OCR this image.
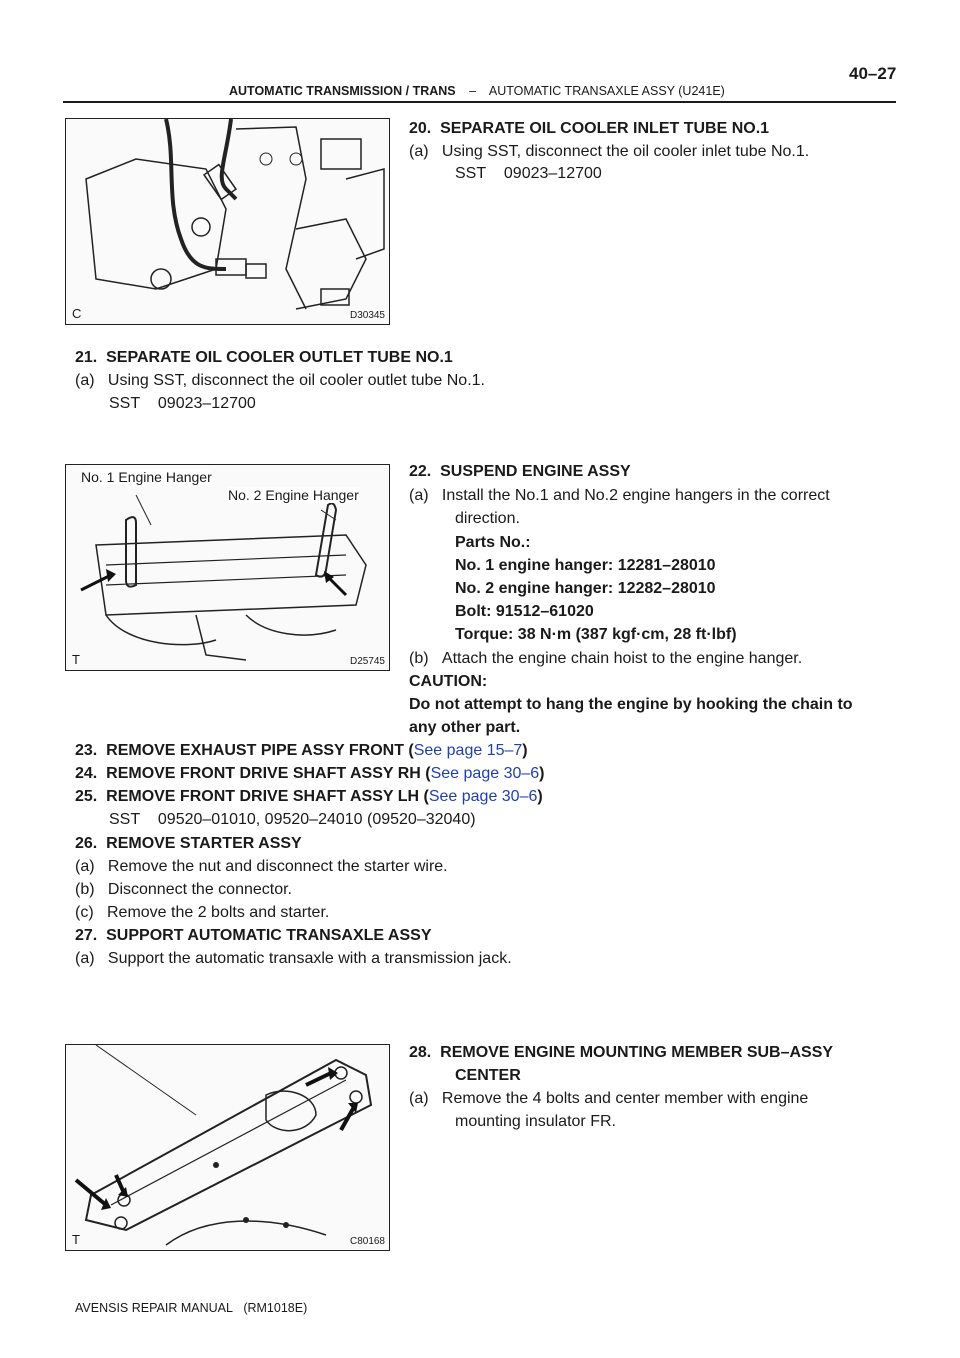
40–27
AUTOMATIC TRANSMISSION / TRANS – AUTOMATIC TRANSAXLE ASSY (U241E)
C	D30345
No. 1 Engine Hanger
No. 2 Engine Hanger
T	D25745
T	C80168
20.  SEPARATE OIL COOLER INLET TUBE NO.1
(a)   Using SST, disconnect the oil cooler inlet tube No.1.
SST    09023–12700
21.  SEPARATE OIL COOLER OUTLET TUBE NO.1
(a)   Using SST, disconnect the oil cooler outlet tube No.1.
SST    09023–12700
22.  SUSPEND ENGINE ASSY
(a)   Install the No.1 and No.2 engine hangers in the correct
direction.
Parts No.:
No. 1 engine hanger: 12281–28010
No. 2 engine hanger: 12282–28010
Bolt: 91512–61020
Torque: 38 N·m (387 kgf·cm, 28 ft·lbf)
(b)   Attach the engine chain hoist to the engine hanger.
CAUTION:
Do not attempt to hang the engine by hooking the chain to
any other part.
23.  REMOVE EXHAUST PIPE ASSY FRONT (See page 15–7)
24.  REMOVE FRONT DRIVE SHAFT ASSY RH (See page 30–6)
25.  REMOVE FRONT DRIVE SHAFT ASSY LH (See page 30–6)
SST    09520–01010, 09520–24010 (09520–32040)
26.  REMOVE STARTER ASSY
(a)   Remove the nut and disconnect the starter wire.
(b)   Disconnect the connector.
(c)   Remove the 2 bolts and starter.
27.  SUPPORT AUTOMATIC TRANSAXLE ASSY
(a)   Support the automatic transaxle with a transmission jack.
28.  REMOVE ENGINE MOUNTING MEMBER SUB–ASSY
CENTER
(a)   Remove the 4 bolts and center member with engine
mounting insulator FR.
AVENSIS REPAIR MANUAL   (RM1018E)
